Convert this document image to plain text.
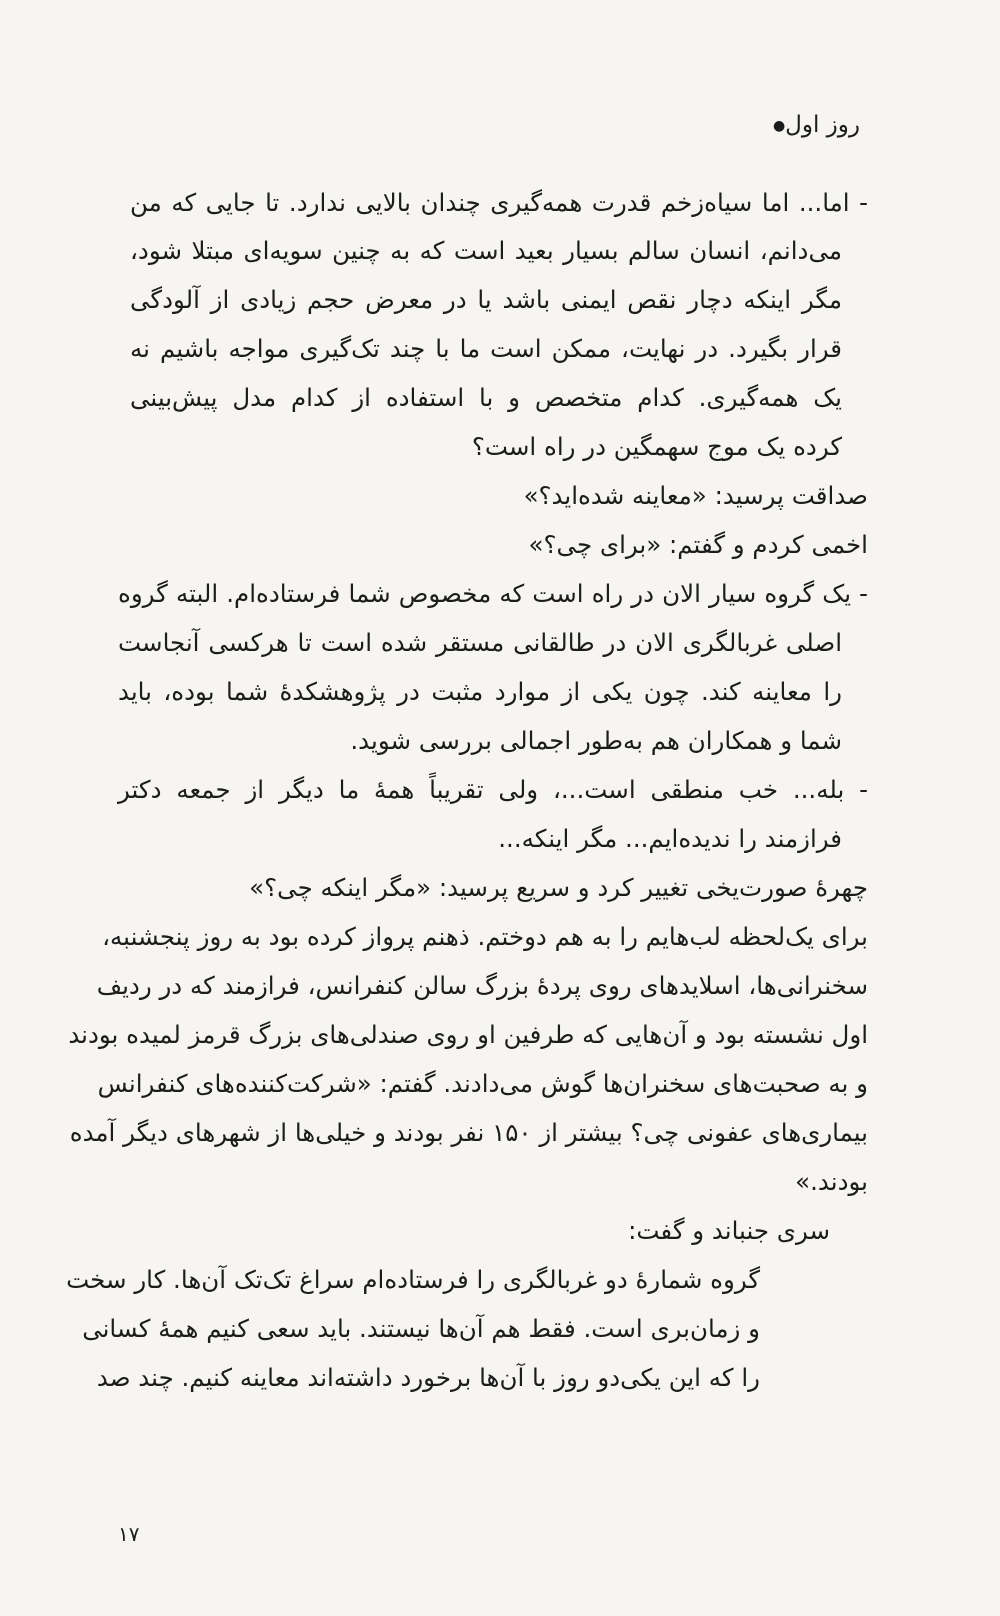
روز اول●
- اما... اما سیاه‌زخم قدرت همه‌گیری چندان بالایی ندارد. تا جایی که من
می‌دانم، انسان سالم بسیار بعید است که به چنین سویه‌ای مبتلا شود،
مگر اینکه دچار نقص ایمنی باشد یا در معرض حجم زیادی از آلودگی
قرار بگیرد. در نهایت، ممکن است ما با چند تک‌گیری مواجه باشیم نه
یک همه‌گیری. کدام متخصص و با استفاده از کدام مدل پیش‌بینی
کرده یک موج سهمگین در راه است؟
صداقت پرسید: «معاینه شده‌اید؟»
اخمی کردم و گفتم: «برای چی؟»
- یک گروه سیار الان در راه است که مخصوص شما فرستاده‌ام. البته گروه
اصلی غربالگری الان در طالقانی مستقر شده است تا هرکسی آنجاست
را معاینه کند. چون یکی از موارد مثبت در پژوهشکدهٔ شما بوده، باید
شما و همکاران هم به‌طور اجمالی بررسی شوید.
- بله... خب منطقی است...، ولی تقریباً همهٔ ما دیگر از جمعه دکتر
فرازمند را ندیده‌ایم... مگر اینکه...
چهرهٔ صورت‌یخی تغییر کرد و سریع پرسید: «مگر اینکه چی؟»
برای یک‌لحظه لب‌هایم را به هم دوختم. ذهنم پرواز کرده بود به روز پنجشنبه،
سخنرانی‌ها، اسلایدهای روی پردهٔ بزرگ سالن کنفرانس، فرازمند که در ردیف
اول نشسته بود و آن‌هایی که طرفین او روی صندلی‌های بزرگ قرمز لمیده بودند
و به صحبت‌های سخنران‌ها گوش می‌دادند. گفتم: «شرکت‌کننده‌های کنفرانس
بیماری‌های عفونی چی؟ بیشتر از ۱۵۰ نفر بودند و خیلی‌ها از شهرهای دیگر آمده
بودند.»
سری جنباند و گفت:
گروه شمارهٔ دو غربالگری را فرستاده‌ام سراغ تک‌تک آن‌ها. کار سخت
و زمان‌بری است. فقط هم آن‌ها نیستند. باید سعی کنیم همهٔ کسانی
را که این یکی‌دو روز با آن‌ها برخورد داشته‌اند معاینه کنیم. چند صد
۱۷
